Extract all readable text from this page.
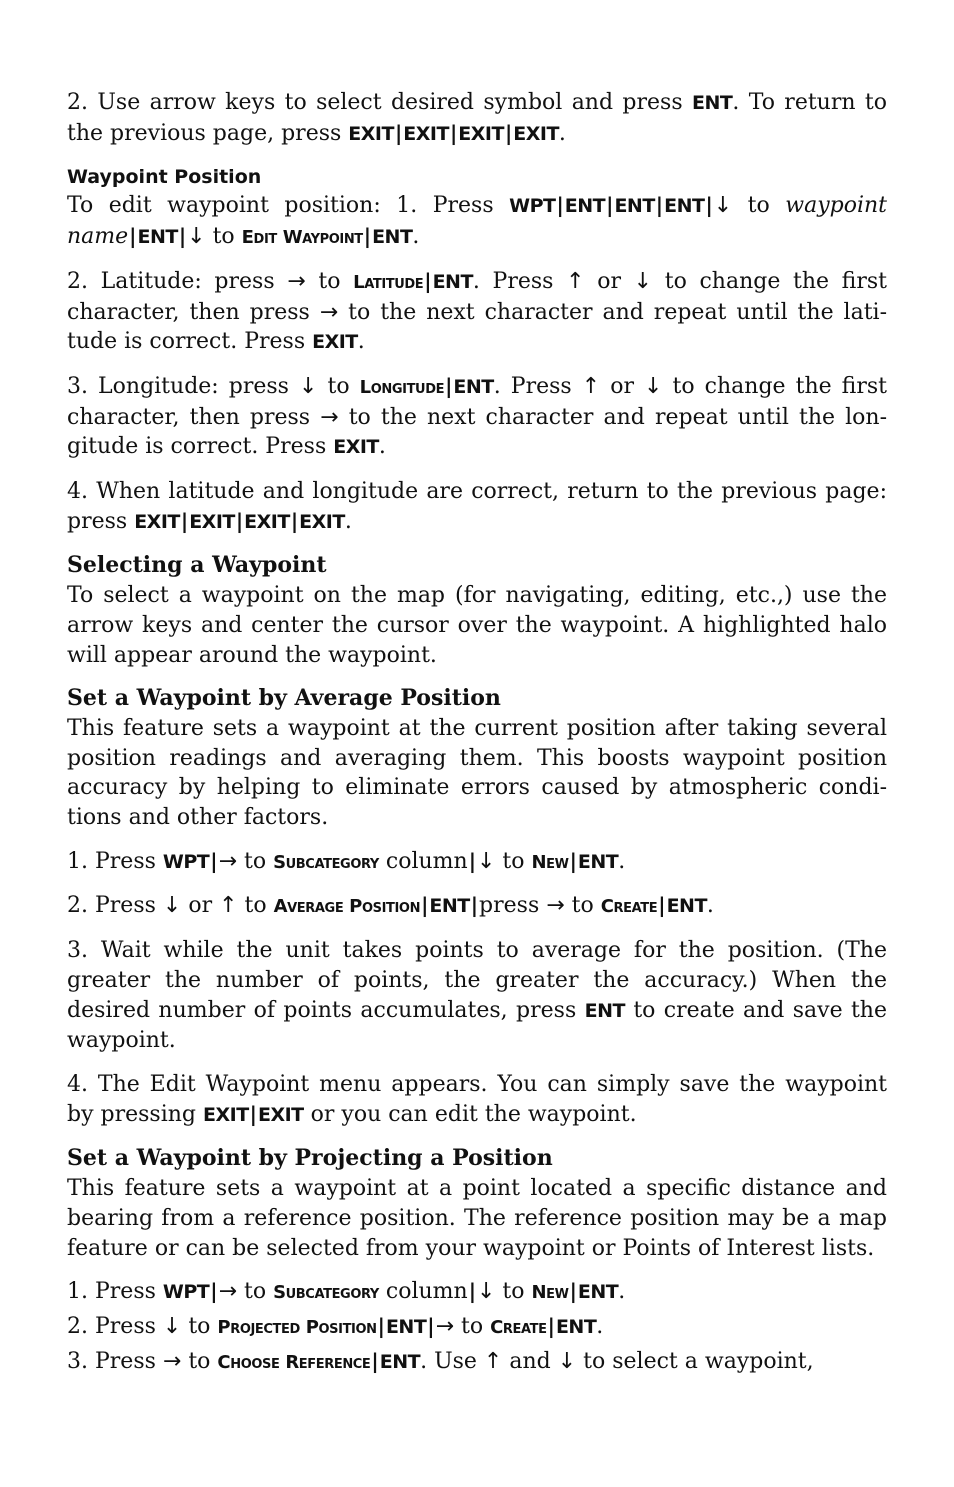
2. Use arrow keys to select desired symbol and press ENT. To return to the previous page, press EXIT|EXIT|EXIT|EXIT.

Waypoint Position

To edit waypoint position: 1. Press WPT|ENT|ENT|ENT|↓ to waypoint name|ENT|↓ to Edit Waypoint|ENT.

2. Latitude: press → to Latitude|ENT. Press ↑ or ↓ to change the first character, then press → to the next character and repeat until the latitude is correct. Press EXIT.

3. Longitude: press ↓ to Longitude|ENT. Press ↑ or ↓ to change the first character, then press → to the next character and repeat until the longitude is correct. Press EXIT.

4. When latitude and longitude are correct, return to the previous page: press EXIT|EXIT|EXIT|EXIT.

Selecting a Waypoint

To select a waypoint on the map (for navigating, editing, etc.,) use the arrow keys and center the cursor over the waypoint. A highlighted halo will appear around the waypoint.

Set a Waypoint by Average Position

This feature sets a waypoint at the current position after taking several position readings and averaging them. This boosts waypoint position accuracy by helping to eliminate errors caused by atmospheric conditions and other factors.

1. Press WPT|→ to Subcategory column|↓ to New|ENT.

2. Press ↓ or ↑ to Average Position|ENT|press → to Create|ENT.

3. Wait while the unit takes points to average for the position. (The greater the number of points, the greater the accuracy.) When the desired number of points accumulates, press ENT to create and save the waypoint.

4. The Edit Waypoint menu appears. You can simply save the waypoint by pressing EXIT|EXIT or you can edit the waypoint.

Set a Waypoint by Projecting a Position

This feature sets a waypoint at a point located a specific distance and bearing from a reference position. The reference position may be a map feature or can be selected from your waypoint or Points of Interest lists.

1. Press WPT|→ to Subcategory column|↓ to New|ENT.

2. Press ↓ to Projected Position|ENT|→ to Create|ENT.

3. Press → to Choose Reference|ENT. Use ↑ and ↓ to select a waypoint,
